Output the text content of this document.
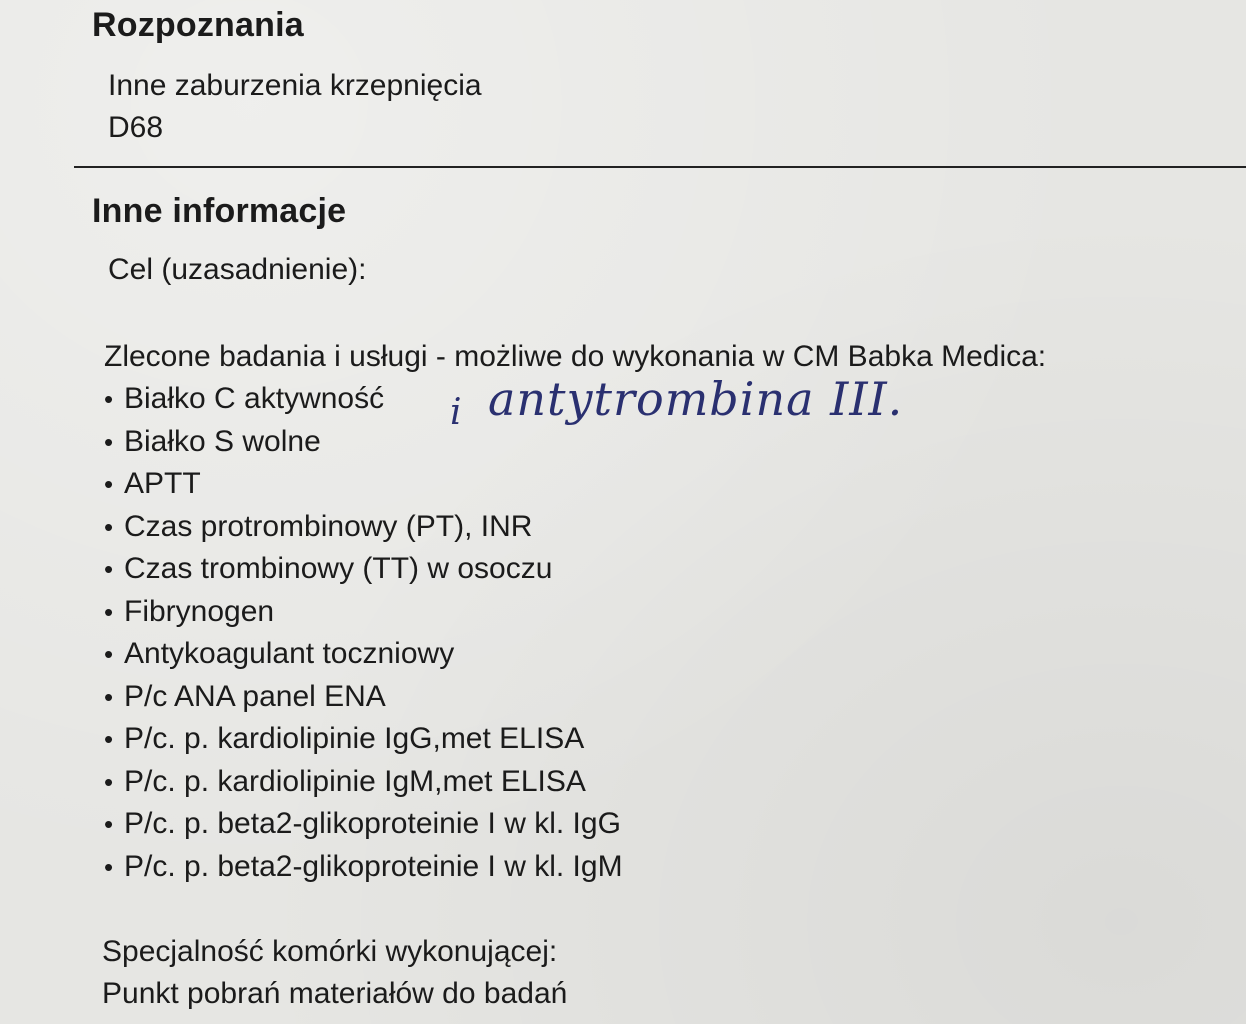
Rozpoznania
Inne zaburzenia krzepnięcia
D68
Inne informacje
Cel (uzasadnienie):
Zlecone badania i usługi - możliwe do wykonania w CM Babka Medica:
• Białko C aktywność
• Białko S wolne
• APTT
• Czas protrombinowy (PT), INR
• Czas trombinowy (TT) w osoczu
• Fibrynogen
• Antykoagulant toczniowy
• P/c ANA panel ENA
• P/c. p. kardiolipinie IgG,met ELISA
• P/c. p. kardiolipinie IgM,met ELISA
• P/c. p. beta2-glikoproteinie I w kl. IgG
• P/c. p. beta2-glikoproteinie I w kl. IgM
i antytrombina III.
Specjalność komórki wykonującej:
Punkt pobrań materiałów do badań
